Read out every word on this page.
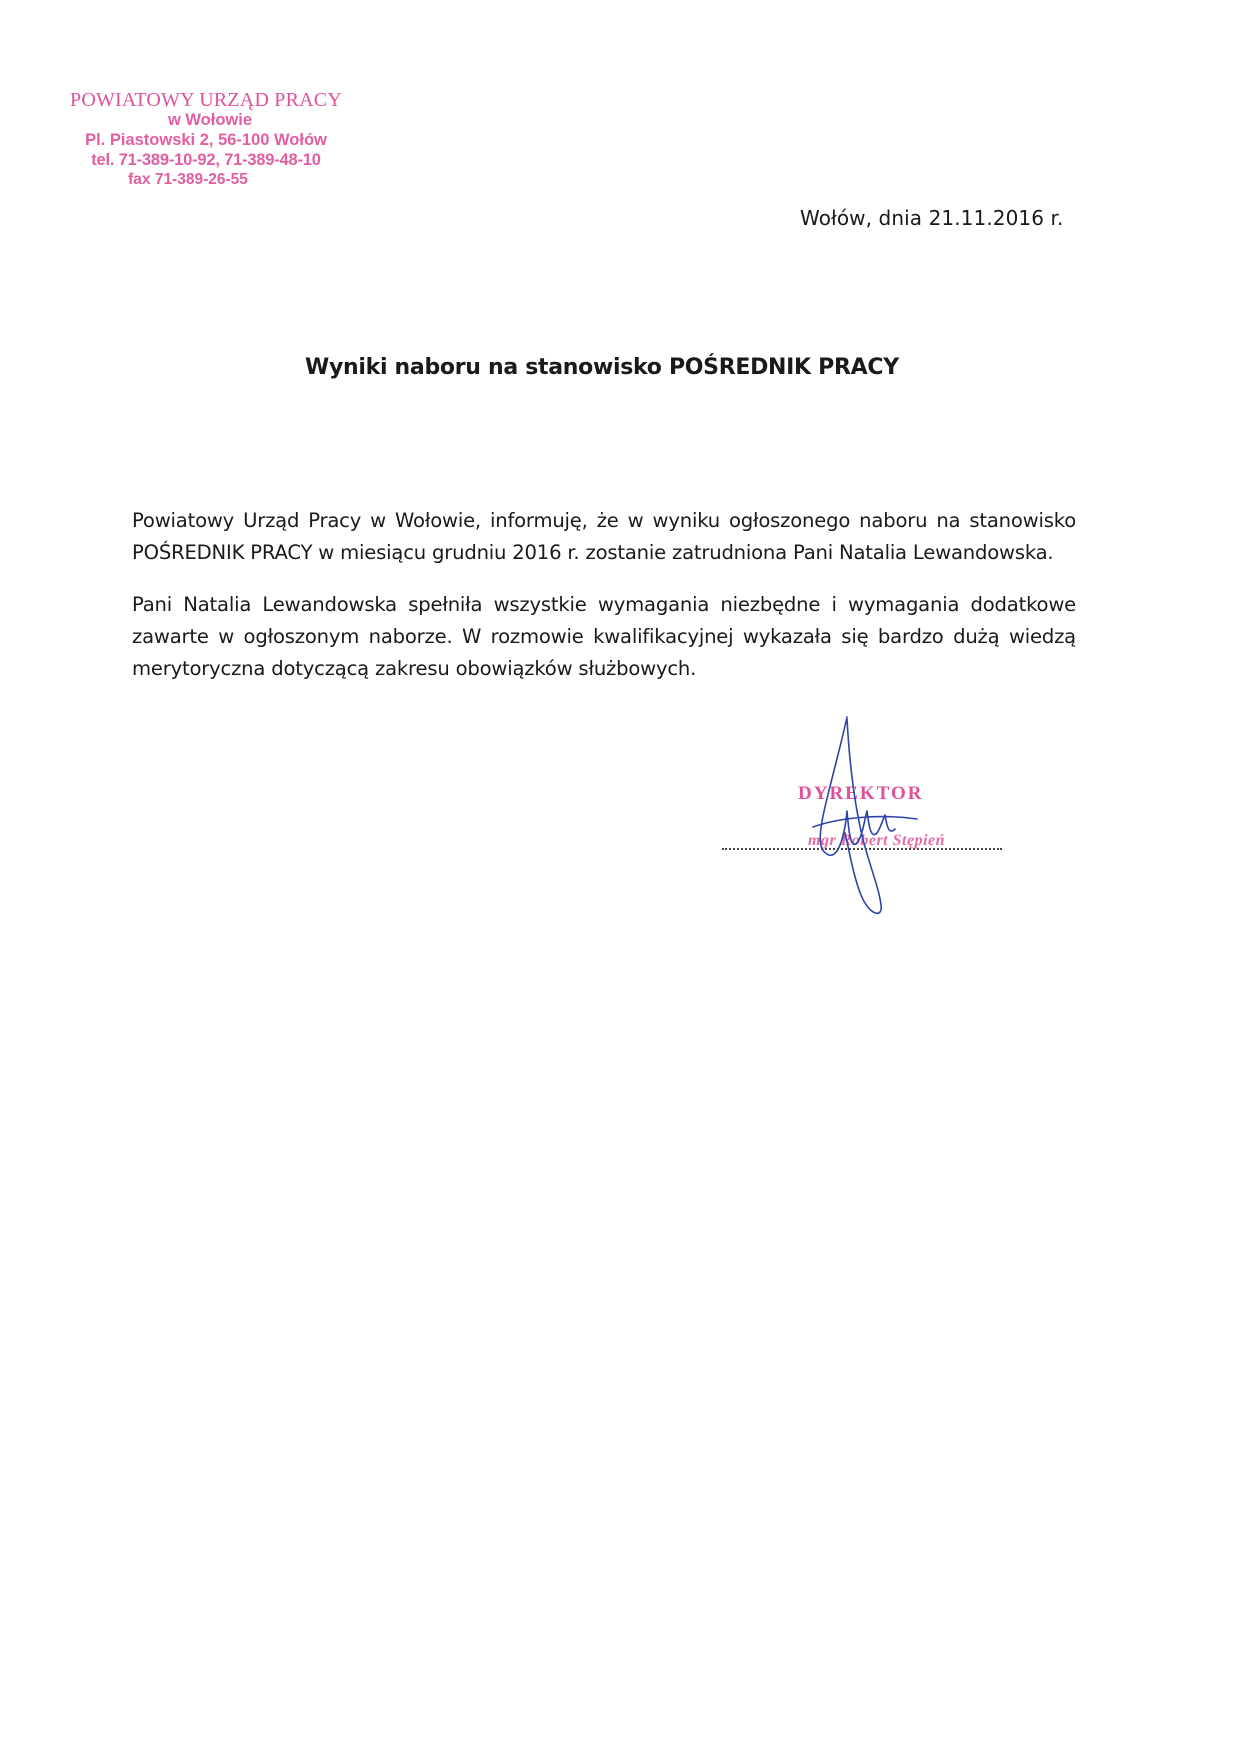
POWIATOWY URZĄD PRACY
w Wołowie
Pl. Piastowski 2, 56-100 Wołów
tel. 71-389-10-92, 71-389-48-10
fax 71-389-26-55
Wołów, dnia 21.11.2016 r.
Wyniki naboru na stanowisko POŚREDNIK PRACY

Powiatowy Urząd Pracy w Wołowie, informuję, że w wyniku ogłoszonego naboru na stanowisko POŚREDNIK PRACY w miesiącu grudniu 2016 r. zostanie zatrudniona Pani Natalia Lewandowska.

Pani Natalia Lewandowska spełniła wszystkie wymagania niezbędne i wymagania dodatkowe zawarte w ogłoszonym naborze. W rozmowie kwalifikacyjnej wykazała się bardzo dużą wiedzą merytoryczna dotyczącą zakresu obowiązków służbowych.

DYREKTOR
mgr Robert Stępień
